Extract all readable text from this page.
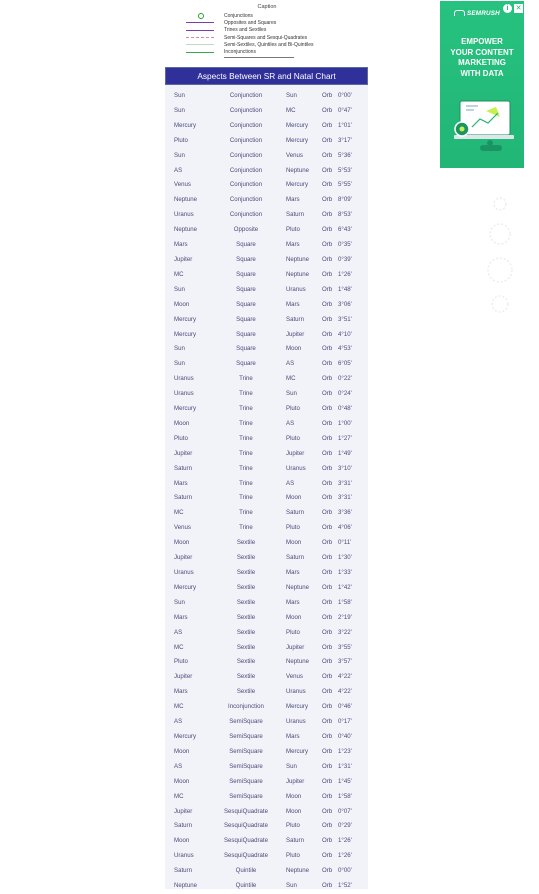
Caption
Conjunctions
Opposites and Squares
Trines and Sextiles
Semi-Squares and Sesqui-Quadrates
Semi-Sextiles, Quintiles and Bi-Quintiles
Inconjunctions
Aspects Between SR and Natal Chart
Sun	Conjunction	Sun	Orb 0°00'
Sun	Conjunction	MC	Orb 0°47'
Mercury	Conjunction	Mercury Orb 1°01'
Pluto	Conjunction	Mercury Orb 3°17'
Sun	Conjunction	Venus	Orb 5°36'
AS	Conjunction	Neptune Orb 5°53'
Venus	Conjunction	Mercury Orb 5°55'
Neptune	Conjunction	Mars	Orb 8°09'
Uranus	Conjunction	Saturn	Orb 8°53'
Neptune	Opposite	Pluto	Orb 6°43'
Mars	Square	Mars	Orb 0°35'
Jupiter	Square	Neptune Orb 0°39'
MC	Square	Neptune Orb 1°26'
Sun	Square	Uranus	Orb 1°48'
Moon	Square	Mars	Orb 3°06'
Mercury	Square	Saturn	Orb 3°51'
Mercury	Square	Jupiter	Orb 4°10'
Sun	Square	Moon	Orb 4°53'
Sun	Square	AS	Orb 6°05'
Uranus	Trine	MC	Orb 0°22'
Uranus	Trine	Sun	Orb 0°24'
Mercury	Trine	Pluto	Orb 0°48'
Moon	Trine	AS	Orb 1°00'
Pluto	Trine	Pluto	Orb 1°27'
Jupiter	Trine	Jupiter	Orb 1°49'
Saturn	Trine	Uranus	Orb 3°10'
Mars	Trine	AS	Orb 3°31'
Saturn	Trine	Moon	Orb 3°31'
MC	Trine	Saturn	Orb 3°36'
Venus	Trine	Pluto	Orb 4°06'
Moon	Sextile	Moon	Orb 0°11'
Jupiter	Sextile	Saturn	Orb 1°30'
Uranus	Sextile	Mars	Orb 1°33'
Mercury	Sextile	Neptune Orb 1°42'
Sun	Sextile	Mars	Orb 1°58'
Mars	Sextile	Moon	Orb 2°19'
AS	Sextile	Pluto	Orb 3°22'
MC	Sextile	Jupiter	Orb 3°55'
Pluto	Sextile	Neptune Orb 3°57'
Jupiter	Sextile	Venus	Orb 4°22'
Mars	Sextile	Uranus	Orb 4°22'
MC	Inconjunction	Mercury Orb 0°46'
AS	SemiSquare	Uranus	Orb 0°17'
Mercury	SemiSquare	Mars	Orb 0°40'
Moon	SemiSquare	Mercury Orb 1°23'
AS	SemiSquare	Sun	Orb 1°31'
Moon	SemiSquare	Jupiter	Orb 1°45'
MC	SemiSquare	Moon	Orb 1°58'
Jupiter	SesquiQuadrate	Moon	Orb 0°07'
Saturn	SesquiQuadrate	Pluto	Orb 0°29'
Moon	SesquiQuadrate	Saturn	Orb 1°26'
Uranus	SesquiQuadrate	Pluto	Orb 1°26'
Saturn	Quintile	Neptune Orb 0°00'
Neptune	Quintile	Sun	Orb 1°52'
SEMRUSH
i	✕
EMPOWER
YOUR CONTENT
MARKETING
WITH DATA
